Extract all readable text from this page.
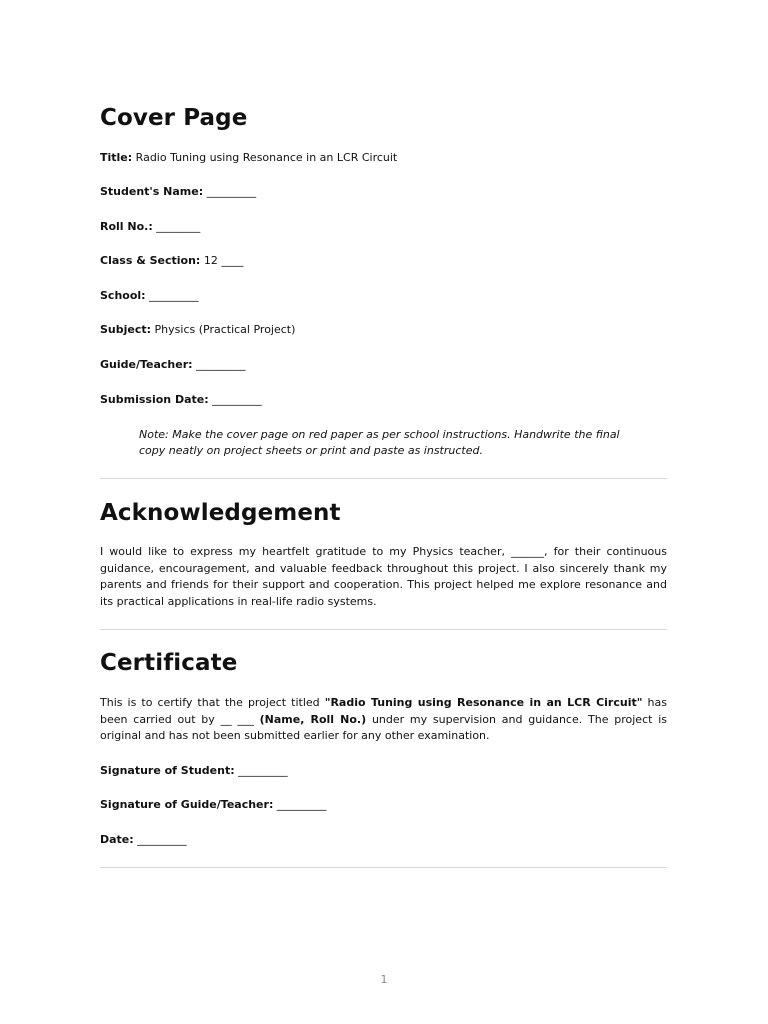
Cover Page
Title: Radio Tuning using Resonance in an LCR Circuit
Student's Name: _________
Roll No.: ________
Class & Section: 12 ____
School: _________
Subject: Physics (Practical Project)
Guide/Teacher: _________
Submission Date: _________
Note: Make the cover page on red paper as per school instructions. Handwrite the final copy neatly on project sheets or print and paste as instructed.
Acknowledgement
I would like to express my heartfelt gratitude to my Physics teacher, ______, for their continuous guidance, encouragement, and valuable feedback throughout this project. I also sincerely thank my parents and friends for their support and cooperation. This project helped me explore resonance and its practical applications in real-life radio systems.
Certificate
This is to certify that the project titled "Radio Tuning using Resonance in an LCR Circuit" has been carried out by __ ___ (Name, Roll No.) under my supervision and guidance. The project is original and has not been submitted earlier for any other examination.
Signature of Student: _________
Signature of Guide/Teacher: _________
Date: _________
1
